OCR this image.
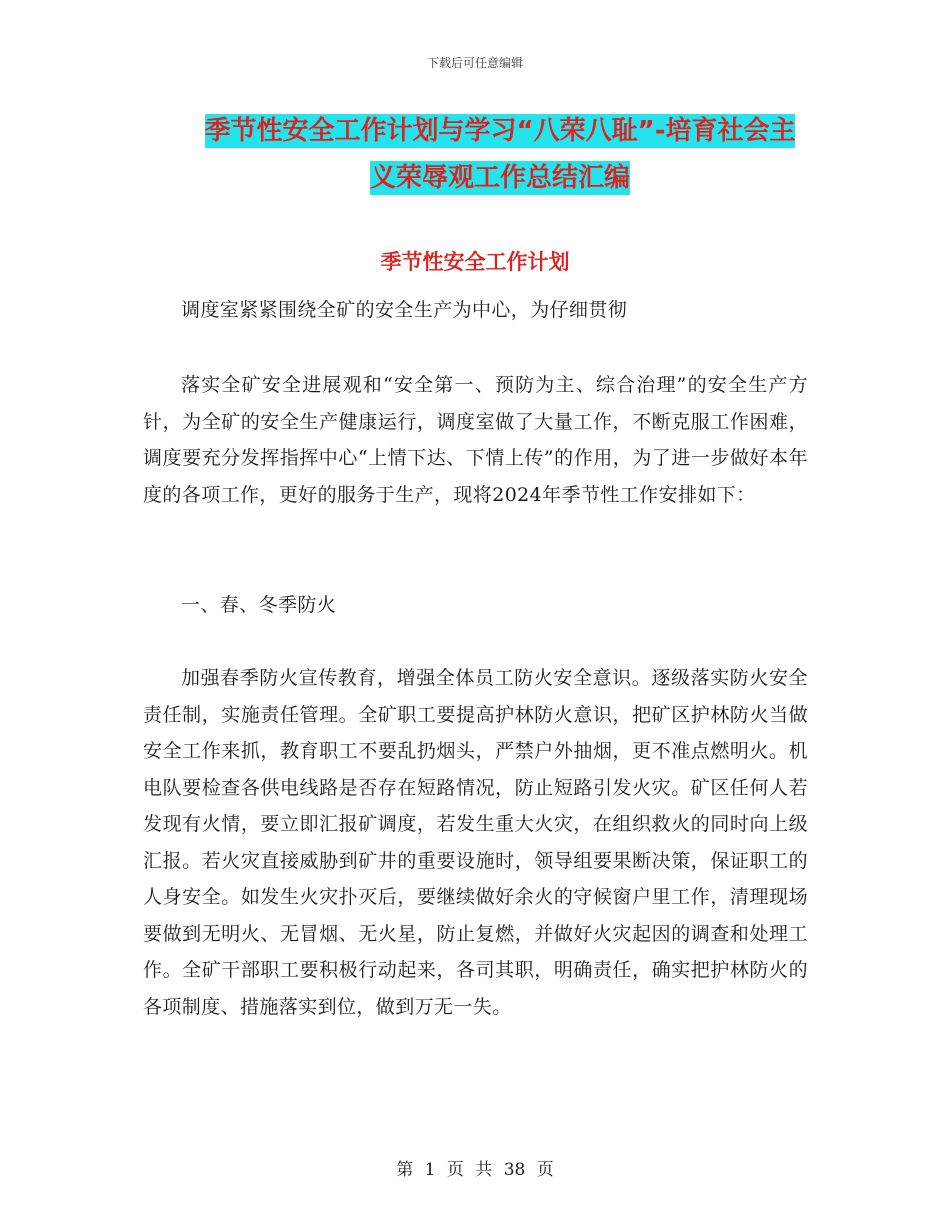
下载后可任意编辑
季节性安全工作计划与学习“八荣八耻”-培育社会主
义荣辱观工作总结汇编
季节性安全工作计划

调度室紧紧围绕全矿的安全生产为中心，为仔细贯彻

落实全矿安全进展观和“安全第一、预防为主、综合治理”的安全生产方针，为全矿的安全生产健康运行，调度室做了大量工作，不断克服工作困难，调度要充分发挥指挥中心“上情下达、下情上传”的作用，为了进一步做好本年度的各项工作，更好的服务于生产，现将2024年季节性工作安排如下：

一、春、冬季防火

加强春季防火宣传教育，增强全体员工防火安全意识。逐级落实防火安全责任制，实施责任管理。全矿职工要提高护林防火意识，把矿区护林防火当做安全工作来抓，教育职工不要乱扔烟头，严禁户外抽烟，更不准点燃明火。机电队要检查各供电线路是否存在短路情况，防止短路引发火灾。矿区任何人若发现有火情，要立即汇报矿调度，若发生重大火灾，在组织救火的同时向上级汇报。若火灾直接威胁到矿井的重要设施时，领导组要果断决策，保证职工的人身安全。如发生火灾扑灭后，要继续做好余火的守候窗户里工作，清理现场要做到无明火、无冒烟、无火星，防止复燃，并做好火灾起因的调查和处理工作。全矿干部职工要积极行动起来，各司其职，明确责任，确实把护林防火的各项制度、措施落实到位，做到万无一失。

第 1 页 共 38 页
